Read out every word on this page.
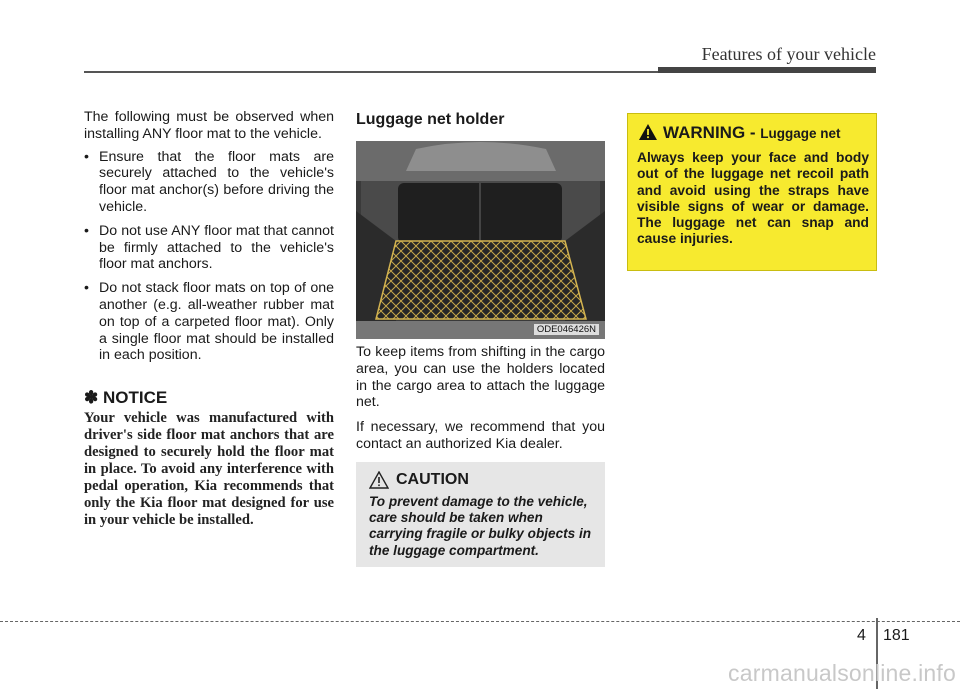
Features of your vehicle

The following must be observed when installing ANY floor mat to the vehicle.

• Ensure that the floor mats are securely attached to the vehicle's floor mat anchor(s) before driving the vehicle.
• Do not use ANY floor mat that cannot be firmly attached to the vehicle's floor mat anchors.
• Do not stack floor mats on top of one another (e.g. all-weather rubber mat on top of a carpeted floor mat). Only a single floor mat should be installed in each position.
✽ NOTICE
Your vehicle was manufactured with driver's side floor mat anchors that are designed to securely hold the floor mat in place. To avoid any interference with pedal operation, Kia recommends that only the Kia floor mat designed for use in your vehicle be installed.
Luggage net holder
ODE046426N

To keep items from shifting in the cargo area, you can use the holders located in the cargo area to attach the luggage net.

If necessary, we recommend that you contact an authorized Kia dealer.

CAUTION
To prevent damage to the vehicle, care should be taken when carrying fragile or bulky objects in the luggage compartment.
WARNING - Luggage net
Always keep your face and body out of the luggage net recoil path and avoid using the straps have visible signs of wear or damage. The luggage net can snap and cause injuries.
4 181
carmanualsonline.info
